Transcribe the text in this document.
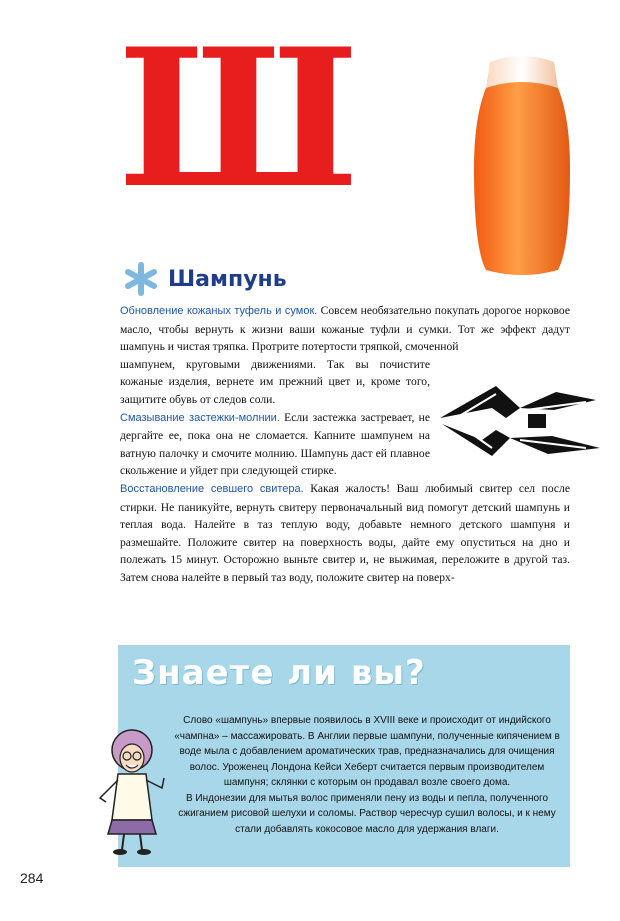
Ш
Шампунь

Обновление кожаных туфель и сумок. Совсем необязательно покупать дорогое норковое масло, чтобы вернуть к жизни ваши кожаные туфли и сумки. Тот же эффект дадут шампунь и чистая тряпка. Протрите потертости тряпкой, смоченной

шампунем, круговыми движениями. Так вы почистите кожаные изделия, вернете им прежний цвет и, кроме того, защитите обувь от следов соли.

Смазывание застежки-молнии. Если застежка застревает, не дергайте ее, пока она не сломается. Капните шампунем на ватную палочку и смочите молнию. Шампунь даст ей плавное скольжение и уйдет при следующей стирке.

Восстановление севшего свитера. Какая жалость! Ваш любимый свитер сел после стирки. Не паникуйте, вернуть свитеру первоначальный вид помогут детский шампунь и теплая вода. Налейте в таз теплую воду, добавьте немного детского шампуня и размешайте. Положите свитер на поверхность воды, дайте ему опуститься на дно и полежать 15 минут. Осторожно выньте свитер и, не выжимая, переложите в другой таз. Затем снова налейте в первый таз воду, положите свитер на поверх-

Знаете ли вы?

Слово «шампунь» впервые появилось в XVIII веке и происходит от индийского «чампна» – массажировать. В Англии первые шампуни, полученные кипячением в воде мыла с добавлением ароматических трав, предназначались для очищения волос. Уроженец Лондона Кейси Хеберт считается первым производителем шампуня; склянки с которым он продавал возле своего дома.

В Индонезии для мытья волос применяли пену из воды и пепла, полученного сжиганием рисовой шелухи и соломы. Раствор чересчур сушил волосы, и к нему стали добавлять кокосовое масло для удержания влаги.

284
